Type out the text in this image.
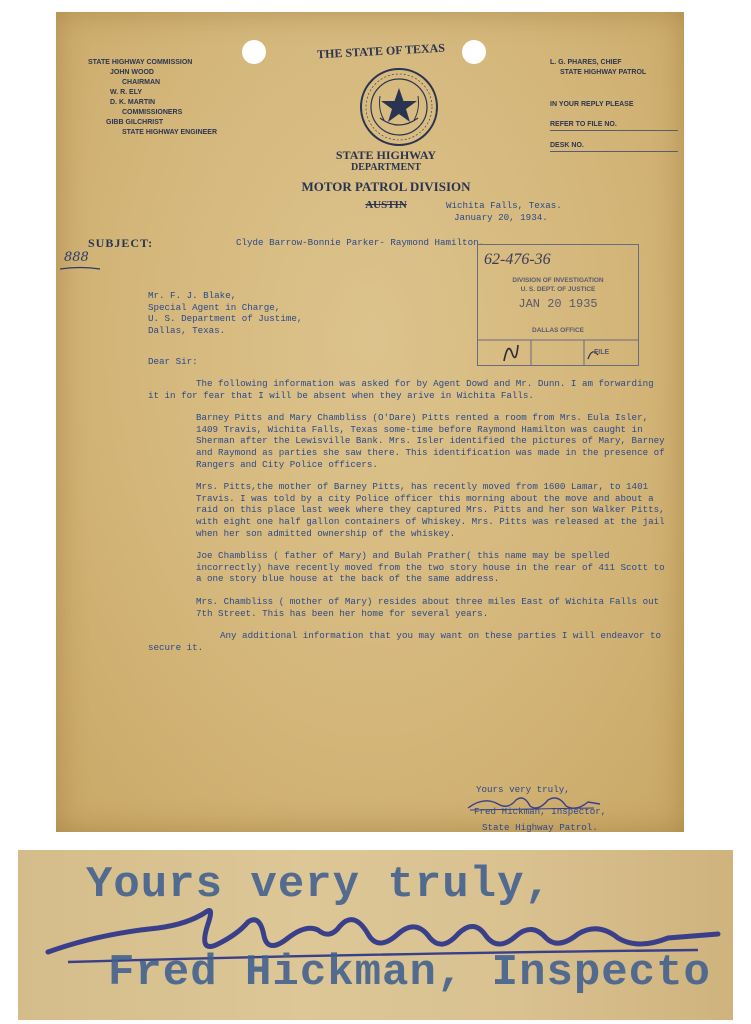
STATE HIGHWAY COMMISSION
JOHN WOOD
CHAIRMAN
W. R. ELY
D. K. MARTIN
COMMISSIONERS
GIBB GILCHRIST
STATE HIGHWAY ENGINEER
THE STATE OF TEXAS
STATE HIGHWAY
DEPARTMENT
MOTOR PATROL DIVISION
AUSTIN
L. G. PHARES, CHIEF
STATE HIGHWAY PATROL
IN YOUR REPLY PLEASE
REFER TO FILE NO.
DESK NO.
Wichita Falls, Texas.
January 20, 1934.
SUBJECT:	Clyde Barrow-Bonnie Parker- Raymond Hamilton.
888	62-476-36
DIVISION OF INVESTIGATION
U. S. DEPT. OF JUSTICE
JAN 20 1935
DALLAS OFFICE
FILE
Mr. F. J. Blake,
Special Agent in Charge,
U. S. Department of Justime,
Dallas, Texas.
Dear Sir:

The following information was asked for by Agent Dowd and Mr. Dunn. I am forwarding it in for fear that I will be absent when they arive in Wichita Falls.

Barney Pitts and Mary Chambliss (O'Dare) Pitts rented a room from Mrs. Eula Isler, 1409 Travis, Wichita Falls, Texas some-time before Raymond Hamilton was caught in Sherman after the Lewisville Bank. Mrs. Isler identified the pictures of Mary, Barney and Raymond as parties she saw there. This identification was made in the presence of Rangers and City Police officers.

Mrs. Pitts,the mother of Barney Pitts, has recently moved from 1600 Lamar, to 1401 Travis. I was told by a city Police officer this morning about the move and about a raid on this place last week where they captured Mrs. Pitts and her son Walker Pitts, with eight one half gallon containers of Whiskey. Mrs. Pitts was released at the jail when her son admitted ownership of the whiskey.

Joe Chambliss ( father of Mary) and Bulah Prather( this name may be spelled incorrectly) have recently moved from the two story house in the rear of 411 Scott to a one story blue house at the back of the same address.

Mrs. Chambliss ( mother of Mary) resides about three miles East of Wichita Falls out 7th Street. This has been her home for several years.

Any additional information that you may want on these parties I will endeavor to secure it.

Yours very truly,
Fred Hickman, Inspector,
State Highway Patrol.
Yours very truly,
Fred Hickman, Inspecto
